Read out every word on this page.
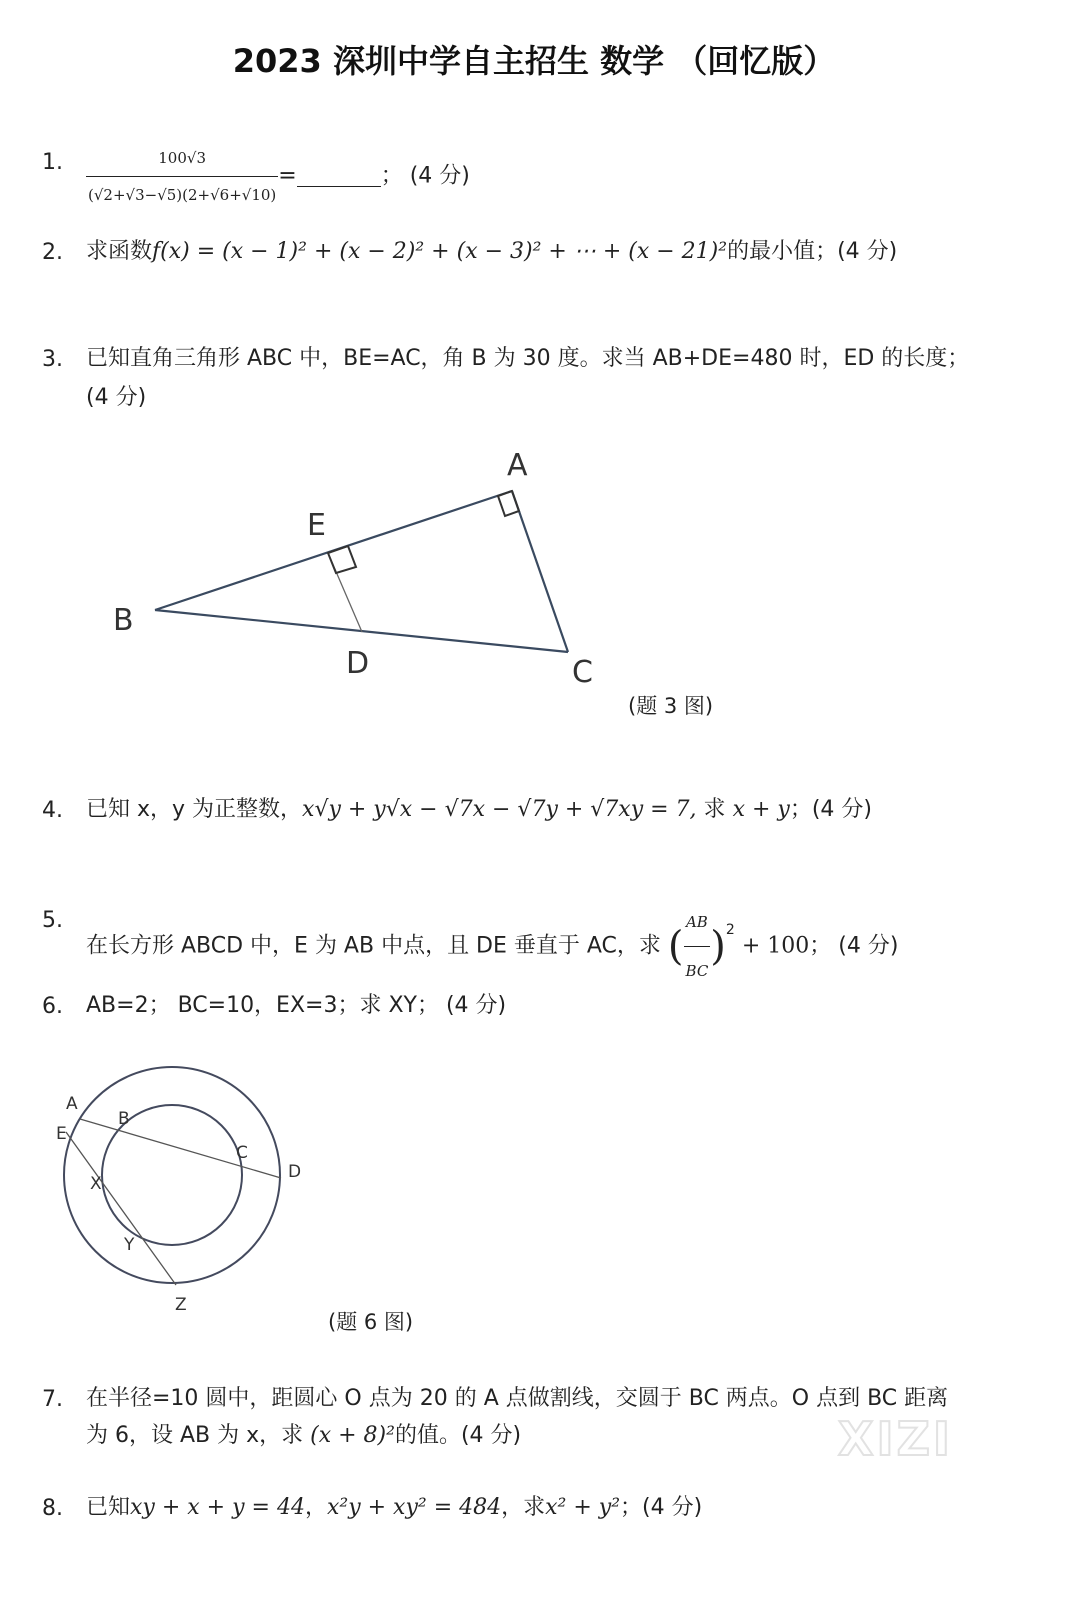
2023 深圳中学自主招生 数学 （回忆版）
1. $\frac{100√3}{(√2+√3-√5)(2+√6+√10)}$ =	； (4 分)
2. 求函数f(x) = (x − 1)² + (x − 2)² + (x − 3)² + ⋯ + (x − 21)²的最小值；(4 分)
3. 已知直角三角形 ABC 中，BE=AC，角 B 为 30 度。求当 AB+DE=480 时，ED 的长度；
(4 分)
A
B
C
D
E
(题 3 图)
4. 已知 x，y 为正整数，x√y + y√x − √7x − √7y + √7xy = 7, 求 x + y；(4 分)
5.
在长方形 ABCD 中，E 为 AB 中点，且 DE 垂直于 AC，求 ( $\frac{AB}{BC} )^2 + 100$； (4 分)
6. AB=2； BC=10，EX=3；求 XY； (4 分)
A
B
C
D
E
X
Y
Z
(题 6 图)
7. 在半径=10 圆中，距圆心 O 点为 20 的 A 点做割线，交圆于 BC 两点。O 点到 BC 距离
为 6，设 AB 为 x，求 (x + 8)²的值。(4 分)	XIZI
8. 已知xy + x + y = 44，x²y + xy² = 484，求x² + y²；(4 分)
